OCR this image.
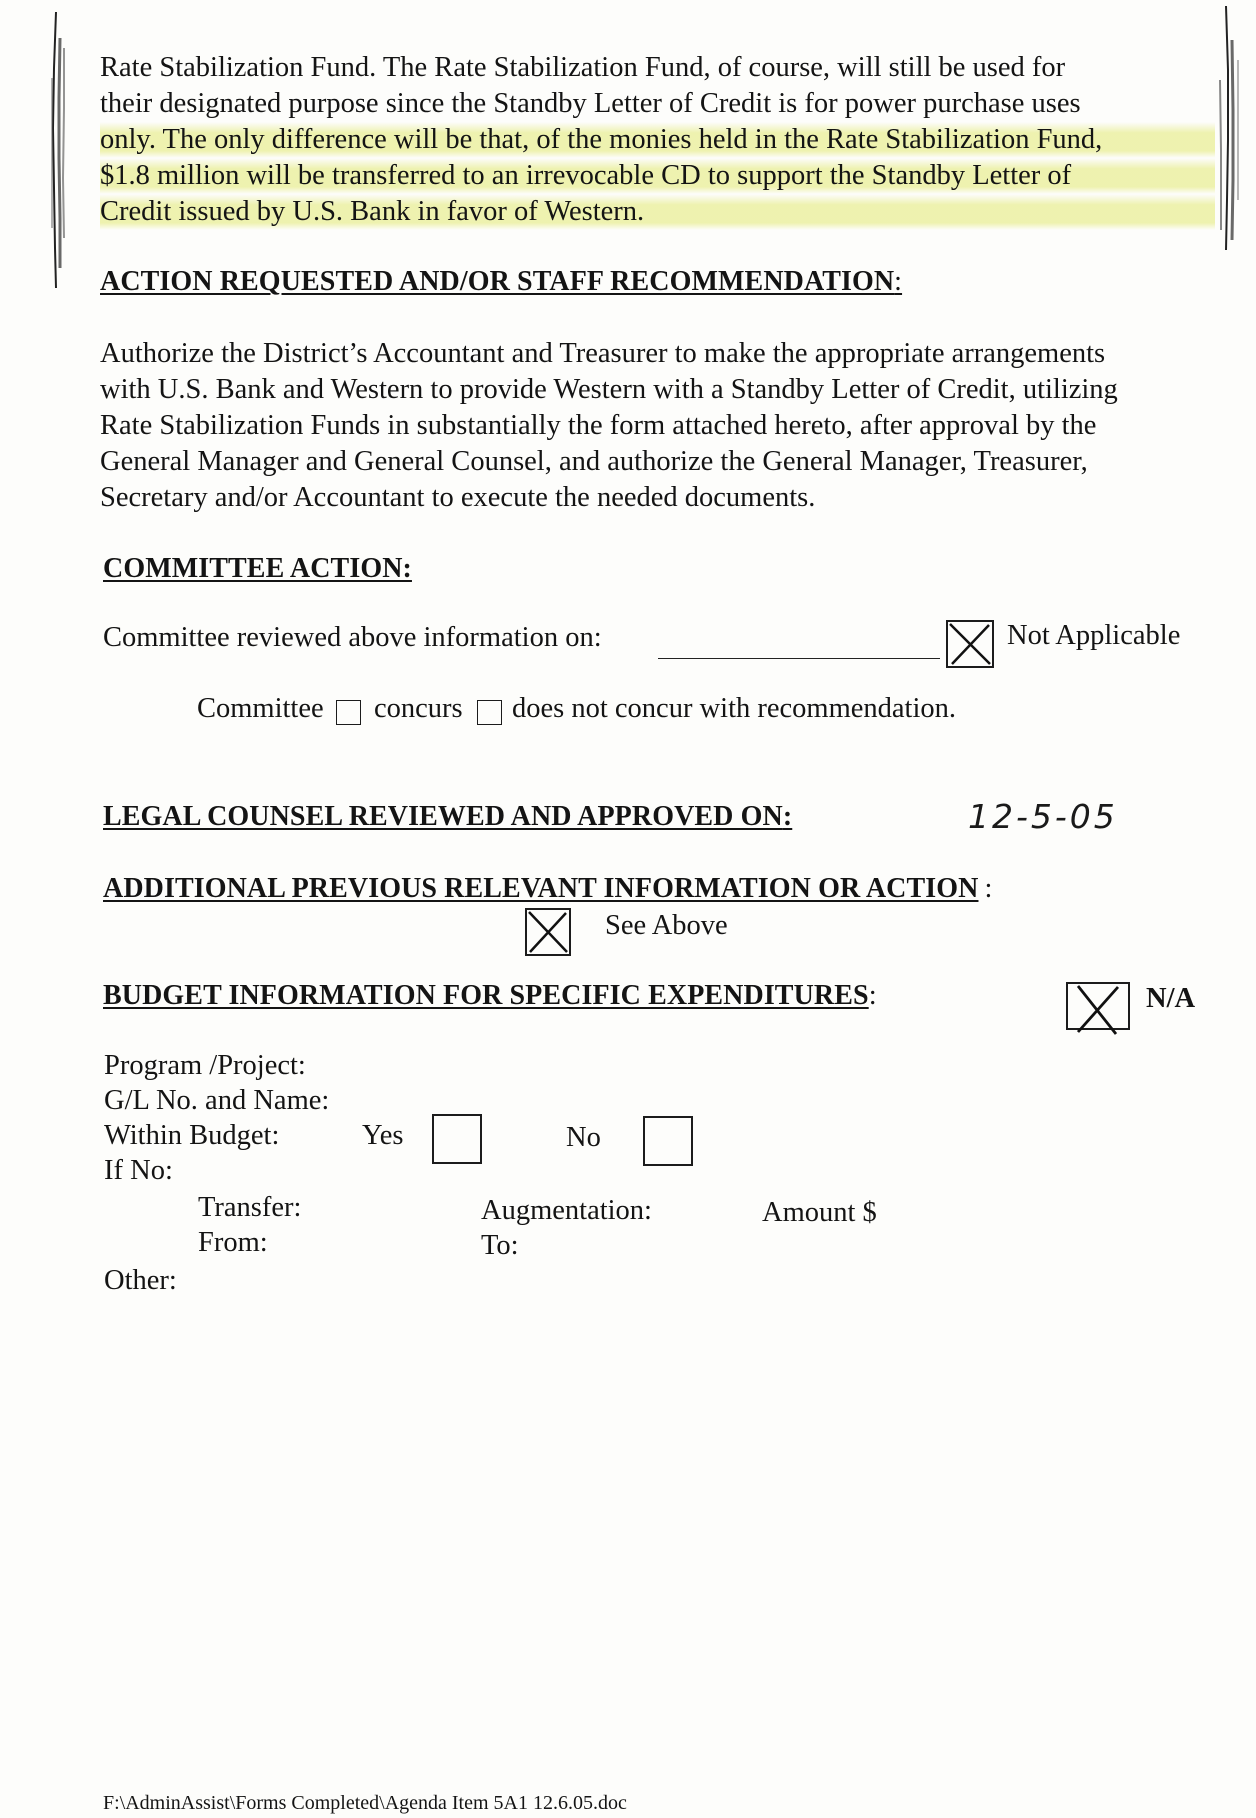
Rate Stabilization Fund. The Rate Stabilization Fund, of course, will still be used for
their designated purpose since the Standby Letter of Credit is for power purchase uses
only. The only difference will be that, of the monies held in the Rate Stabilization Fund,
$1.8 million will be transferred to an irrevocable CD to support the Standby Letter of
Credit issued by U.S. Bank in favor of Western.
ACTION REQUESTED AND/OR STAFF RECOMMENDATION:
Authorize the District’s Accountant and Treasurer to make the appropriate arrangements
with U.S. Bank and Western to provide Western with a Standby Letter of Credit, utilizing
Rate Stabilization Funds in substantially the form attached hereto, after approval by the
General Manager and General Counsel, and authorize the General Manager, Treasurer,
Secretary and/or Accountant to execute the needed documents.
COMMITTEE ACTION:
Committee reviewed above information on:	Not Applicable
Committee concurs does not concur with recommendation.
LEGAL COUNSEL REVIEWED AND APPROVED ON:	12-5-05
ADDITIONAL PREVIOUS RELEVANT INFORMATION OR ACTION :
See Above
BUDGET INFORMATION FOR SPECIFIC EXPENDITURES:	N/A
Program /Project:
G/L No. and Name:
Within Budget:	Yes	No
If No:
Transfer:
From:
Augmentation:
To:
Amount $
Other:
F:\AdminAssist\Forms Completed\Agenda Item 5A1 12.6.05.doc
